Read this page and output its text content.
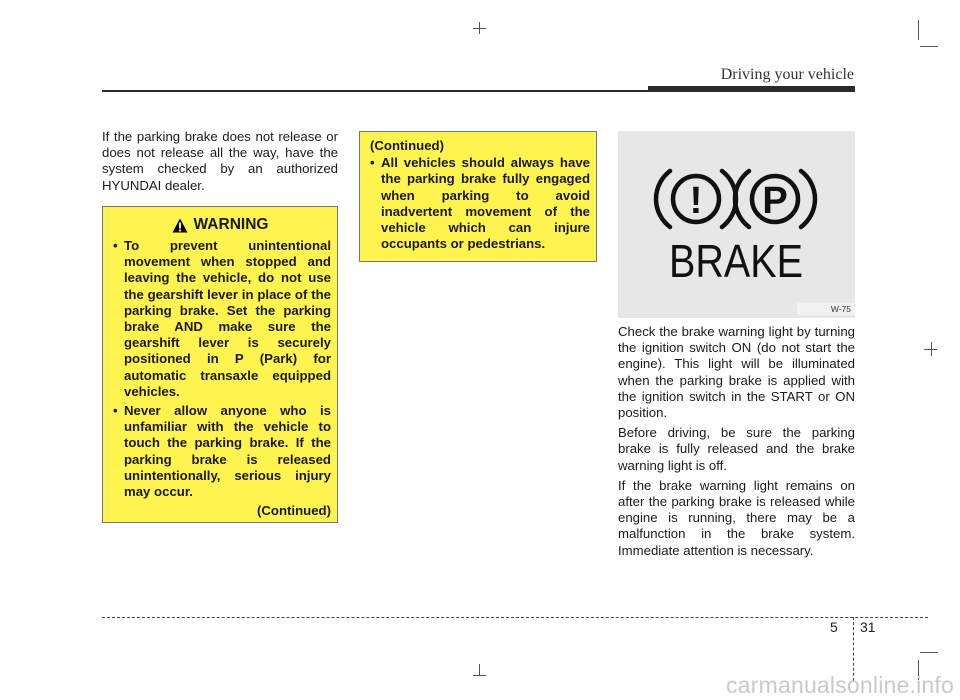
Driving your vehicle

If the parking brake does not release or does not release all the way, have the system checked by an authorized HYUNDAI dealer.

WARNING
• To prevent unintentional movement when stopped and leaving the vehicle, do not use the gearshift lever in place of the parking brake. Set the parking brake AND make sure the gearshift lever is securely positioned in P (Park) for automatic transaxle equipped vehicles.
• Never allow anyone who is unfamiliar with the vehicle to touch the parking brake. If the parking brake is released unintentionally, serious injury may occur.
(Continued)
(Continued)
• All vehicles should always have the parking brake fully engaged when parking to avoid inadvertent movement of the vehicle which can injure occupants or pedestrians.
! P
BRAKE
W-75

Check the brake warning light by turning the ignition switch ON (do not start the engine). This light will be illuminated when the parking brake is applied with the ignition switch in the START or ON position.

Before driving, be sure the parking brake is fully released and the brake warning light is off.

If the brake warning light remains on after the parking brake is released while engine is running, there may be a malfunction in the brake system. Immediate attention is necessary.

5 31
carmanualsonline.info
